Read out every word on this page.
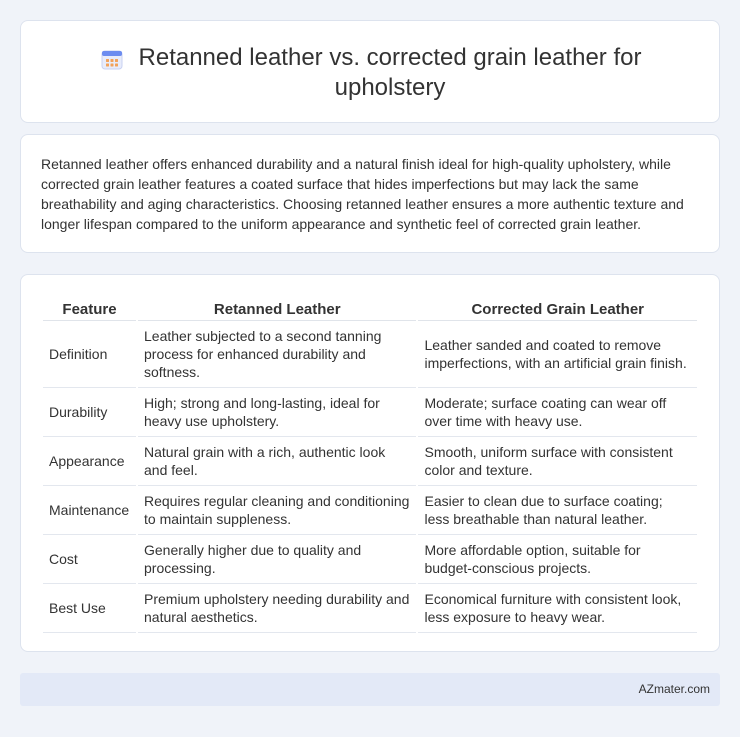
Retanned leather vs. corrected grain leather for upholstery

Retanned leather offers enhanced durability and a natural finish ideal for high-quality upholstery, while corrected grain leather features a coated surface that hides imperfections but may lack the same breathability and aging characteristics. Choosing retanned leather ensures a more authentic texture and longer lifespan compared to the uniform appearance and synthetic feel of corrected grain leather.

Feature	Retanned Leather	Corrected Grain Leather
Definition	Leather subjected to a second tanning process for enhanced durability and softness.	Leather sanded and coated to remove imperfections, with an artificial grain finish.
Durability	High; strong and long-lasting, ideal for heavy use upholstery.	Moderate; surface coating can wear off over time with heavy use.
Appearance	Natural grain with a rich, authentic look and feel.	Smooth, uniform surface with consistent color and texture.
Maintenance	Requires regular cleaning and conditioning to maintain suppleness.	Easier to clean due to surface coating; less breathable than natural leather.
Cost	Generally higher due to quality and processing.	More affordable option, suitable for budget-conscious projects.
Best Use	Premium upholstery needing durability and natural aesthetics.	Economical furniture with consistent look, less exposure to heavy wear.
AZmater.com
